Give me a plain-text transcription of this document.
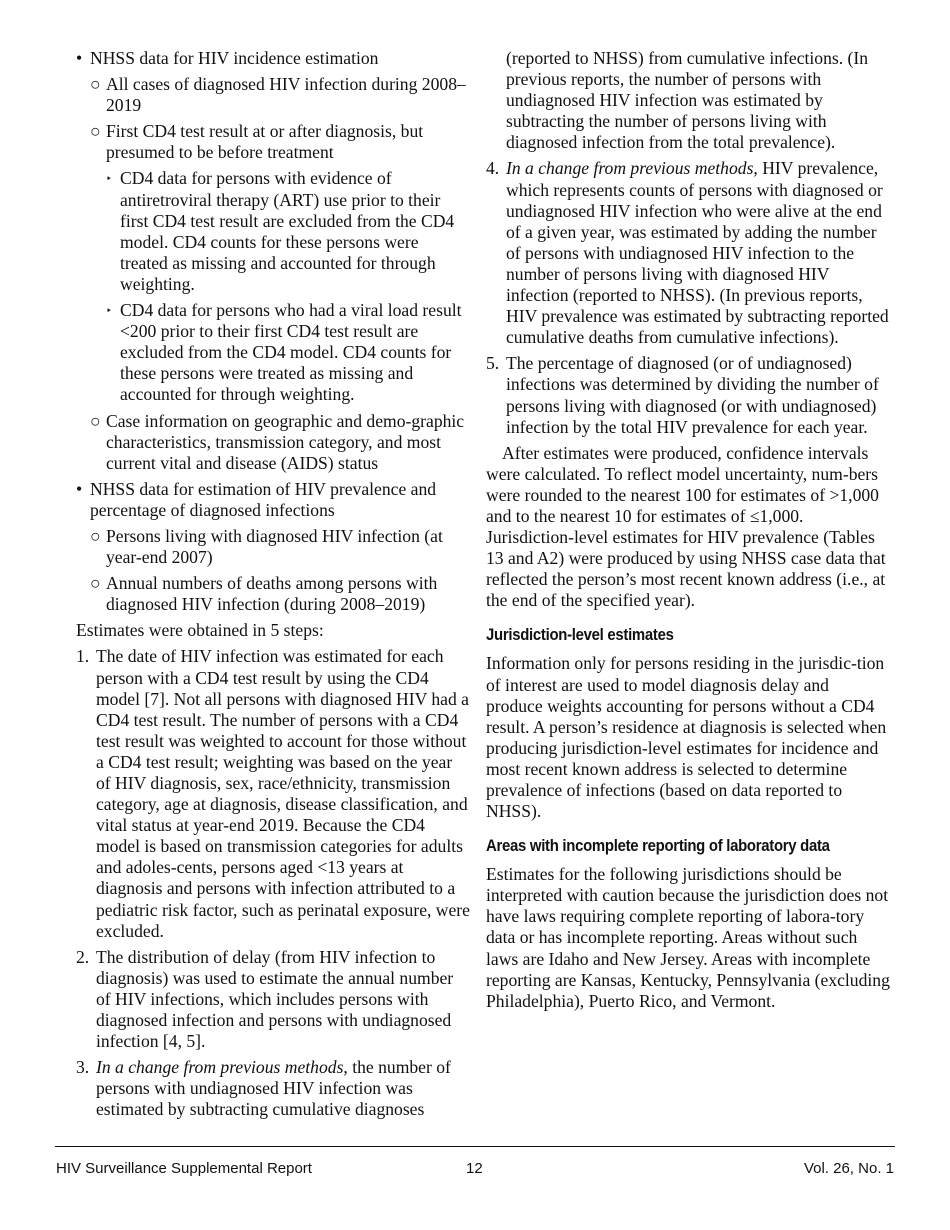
• NHSS data for HIV incidence estimation
○ All cases of diagnosed HIV infection during 2008–2019
○ First CD4 test result at or after diagnosis, but presumed to be before treatment
‣ CD4 data for persons with evidence of antiretroviral therapy (ART) use prior to their first CD4 test result are excluded from the CD4 model. CD4 counts for these persons were treated as missing and accounted for through weighting.
‣ CD4 data for persons who had a viral load result <200 prior to their first CD4 test result are excluded from the CD4 model. CD4 counts for these persons were treated as missing and accounted for through weighting.
○ Case information on geographic and demo-graphic characteristics, transmission category, and most current vital and disease (AIDS) status
• NHSS data for estimation of HIV prevalence and percentage of diagnosed infections
○ Persons living with diagnosed HIV infection (at year-end 2007)
○ Annual numbers of deaths among persons with diagnosed HIV infection (during 2008–2019)
Estimates were obtained in 5 steps:
1. The date of HIV infection was estimated for each person with a CD4 test result by using the CD4 model [7]. Not all persons with diagnosed HIV had a CD4 test result. The number of persons with a CD4 test result was weighted to account for those without a CD4 test result; weighting was based on the year of HIV diagnosis, sex, race/ethnicity, transmission category, age at diagnosis, disease classification, and vital status at year-end 2019. Because the CD4 model is based on transmission categories for adults and adoles-cents, persons aged <13 years at diagnosis and persons with infection attributed to a pediatric risk factor, such as perinatal exposure, were excluded.
2. The distribution of delay (from HIV infection to diagnosis) was used to estimate the annual number of HIV infections, which includes persons with diagnosed infection and persons with undiagnosed infection [4, 5].
3. In a change from previous methods, the number of persons with undiagnosed HIV infection was estimated by subtracting cumulative diagnoses
(reported to NHSS) from cumulative infections. (In previous reports, the number of persons with undiagnosed HIV infection was estimated by subtracting the number of persons living with diagnosed infection from the total prevalence).
4. In a change from previous methods, HIV prevalence, which represents counts of persons with diagnosed or undiagnosed HIV infection who were alive at the end of a given year, was estimated by adding the number of persons with undiagnosed HIV infection to the number of persons living with diagnosed HIV infection (reported to NHSS). (In previous reports, HIV prevalence was estimated by subtracting reported cumulative deaths from cumulative infections).
5. The percentage of diagnosed (or of undiagnosed) infections was determined by dividing the number of persons living with diagnosed (or with undiagnosed) infection by the total HIV prevalence for each year.
After estimates were produced, confidence intervals were calculated. To reflect model uncertainty, num-bers were rounded to the nearest 100 for estimates of >1,000 and to the nearest 10 for estimates of ≤1,000. Jurisdiction-level estimates for HIV prevalence (Tables 13 and A2) were produced by using NHSS case data that reflected the person’s most recent known address (i.e., at the end of the specified year).
Jurisdiction-level estimates
Information only for persons residing in the jurisdic-tion of interest are used to model diagnosis delay and produce weights accounting for persons without a CD4 result. A person’s residence at diagnosis is selected when producing jurisdiction-level estimates for incidence and most recent known address is selected to determine prevalence of infections (based on data reported to NHSS).
Areas with incomplete reporting of laboratory data
Estimates for the following jurisdictions should be interpreted with caution because the jurisdiction does not have laws requiring complete reporting of labora-tory data or has incomplete reporting. Areas without such laws are Idaho and New Jersey. Areas with incomplete reporting are Kansas, Kentucky, Pennsylvania (excluding Philadelphia), Puerto Rico, and Vermont.
HIV Surveillance Supplemental Report	12	Vol. 26, No. 1
